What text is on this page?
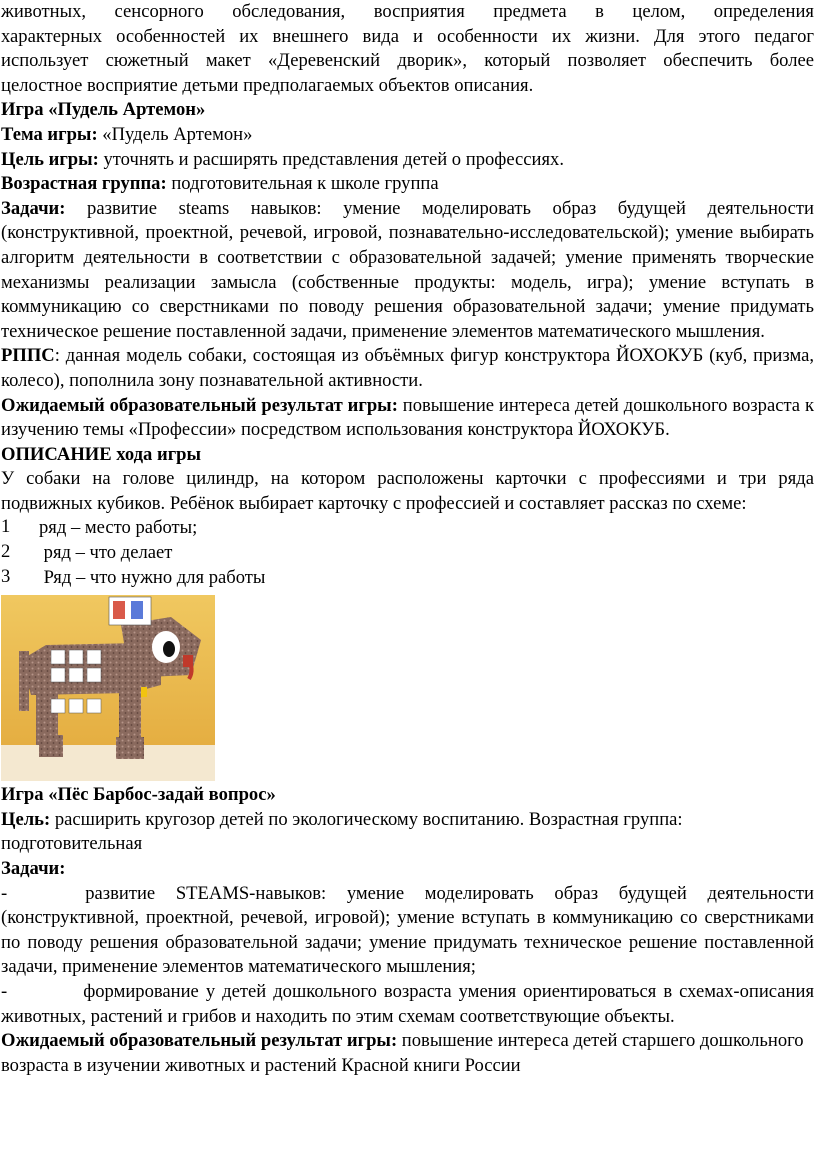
животных, сенсорного обследования, восприятия предмета в целом, определения

характерных особенностей их внешнего вида и особенности их жизни. Для этого педагог

использует сюжетный макет «Деревенский дворик», который позволяет обеспечить более

целостное восприятие детьми предполагаемых объектов описания.

Игра «Пудель Артемон»

Тема игры: «Пудель Артемон»

Цель игры: уточнять и расширять представления детей о профессиях.

Возрастная группа: подготовительная к школе группа

Задачи: развитие steams навыков: умение моделировать образ будущей деятельности (конструктивной, проектной, речевой, игровой, познавательно-исследовательской); умение выбирать алгоритм деятельности в соответствии с образовательной задачей; умение применять творческие механизмы реализации замысла (собственные продукты: модель, игра); умение вступать в коммуникацию со сверстниками по поводу решения образовательной задачи; умение придумать техническое решение поставленной задачи, применение элементов математического мышления.

РППС: данная модель собаки, состоящая из объёмных фигур конструктора ЙОХОКУБ (куб, призма, колесо), пополнила зону познавательной активности.

Ожидаемый образовательный результат игры: повышение интереса детей дошкольного возраста к изучению темы «Профессии» посредством использования конструктора ЙОХОКУБ.

ОПИСАНИЕ хода игры

У собаки на голове цилиндр, на котором расположены карточки с профессиями и три ряда подвижных кубиков. Ребёнок выбирает карточку с профессией и составляет рассказ по схеме:

1	ряд – место работы;
2	ряд – что делает
3	Ряд – что нужно для работы

Игра «Пёс Барбос-задай вопрос»

Цель: расширить кругозор детей по экологическому воспитанию. Возрастная группа: подготовительная

Задачи:

-	развитие STEAMS-навыков: умение моделировать образ будущей деятельности (конструктивной, проектной, речевой, игровой); умение вступать в коммуникацию со сверстниками по поводу решения образовательной задачи; умение придумать техническое решение поставленной задачи, применение элементов математического мышления;

-	формирование у детей дошкольного возраста умения ориентироваться в схемах-описания животных, растений и грибов и находить по этим схемам соответствующие объекты.

Ожидаемый образовательный результат игры: повышение интереса детей старшего дошкольного возраста в изучении животных и растений Красной книги России
